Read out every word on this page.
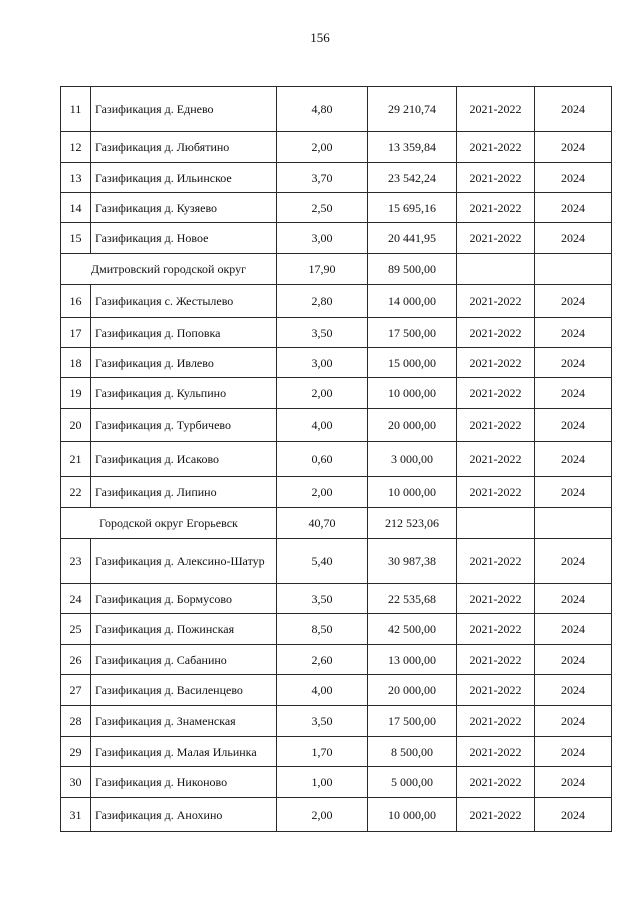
156
11	Газификация д. Еднево	4,80	29 210,74	2021-2022	2024
12	Газификация д. Любятино	2,00	13 359,84	2021-2022	2024
13	Газификация д. Ильинское	3,70	23 542,24	2021-2022	2024
14	Газификация д. Кузяево	2,50	15 695,16	2021-2022	2024
15	Газификация д. Новое	3,00	20 441,95	2021-2022	2024
Дмитровский городской округ		17,90	89 500,00		
16	Газификация с. Жестылево	2,80	14 000,00	2021-2022	2024
17	Газификация д. Поповка	3,50	17 500,00	2021-2022	2024
18	Газификация д. Ивлево	3,00	15 000,00	2021-2022	2024
19	Газификация д. Кульпино	2,00	10 000,00	2021-2022	2024
20	Газификация д. Турбичево	4,00	20 000,00	2021-2022	2024
21	Газификация д. Исаково	0,60	3 000,00	2021-2022	2024
22	Газификация д. Липино	2,00	10 000,00	2021-2022	2024
Городской округ Егорьевск		40,70	212 523,06		
23	Газификация д. Алексино-Шатур	5,40	30 987,38	2021-2022	2024
24	Газификация д. Бормусово	3,50	22 535,68	2021-2022	2024
25	Газификация д. Пожинская	8,50	42 500,00	2021-2022	2024
26	Газификация д. Сабанино	2,60	13 000,00	2021-2022	2024
27	Газификация д. Василенцево	4,00	20 000,00	2021-2022	2024
28	Газификация д. Знаменская	3,50	17 500,00	2021-2022	2024
29	Газификация д. Малая Ильинка	1,70	8 500,00	2021-2022	2024
30	Газификация д. Никоново	1,00	5 000,00	2021-2022	2024
31	Газификация д. Анохино	2,00	10 000,00	2021-2022	2024
